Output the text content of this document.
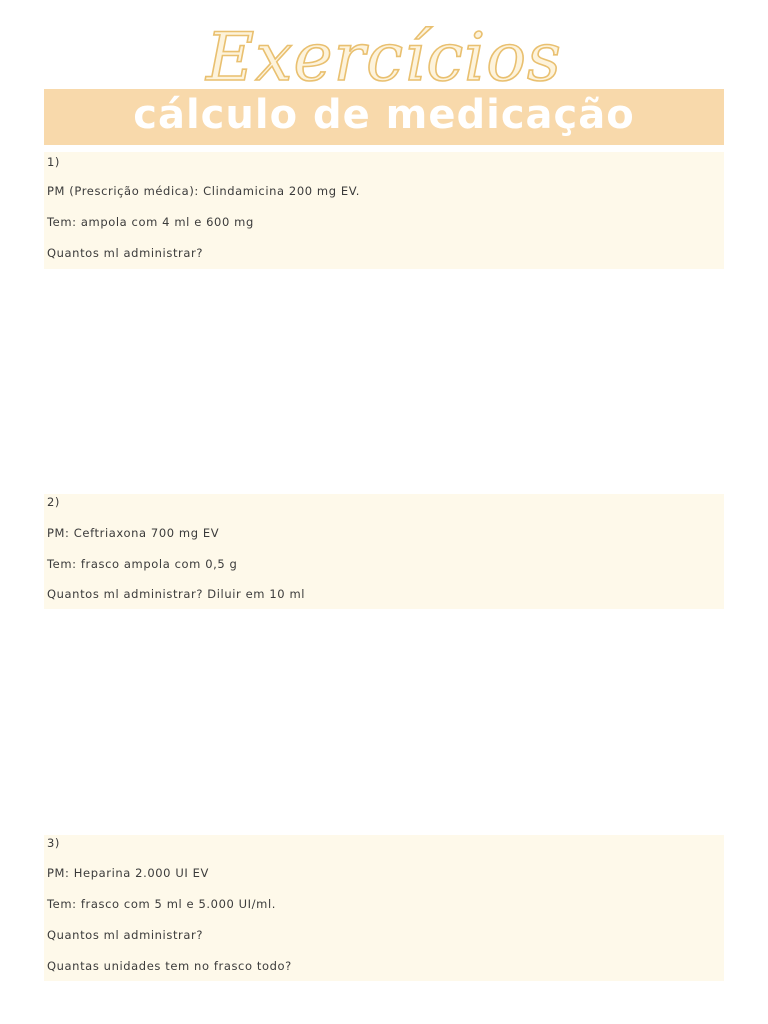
Exercícios
cálculo de medicação
1)
PM (Prescrição médica): Clindamicina 200 mg EV.
Tem: ampola com 4 ml e 600 mg
Quantos ml administrar?
2)
PM: Ceftriaxona 700 mg EV
Tem: frasco ampola com 0,5 g
Quantos ml administrar? Diluir em 10 ml
3)
PM: Heparina 2.000 UI EV
Tem: frasco com 5 ml e 5.000 UI/ml.
Quantos ml administrar?
Quantas unidades tem no frasco todo?
